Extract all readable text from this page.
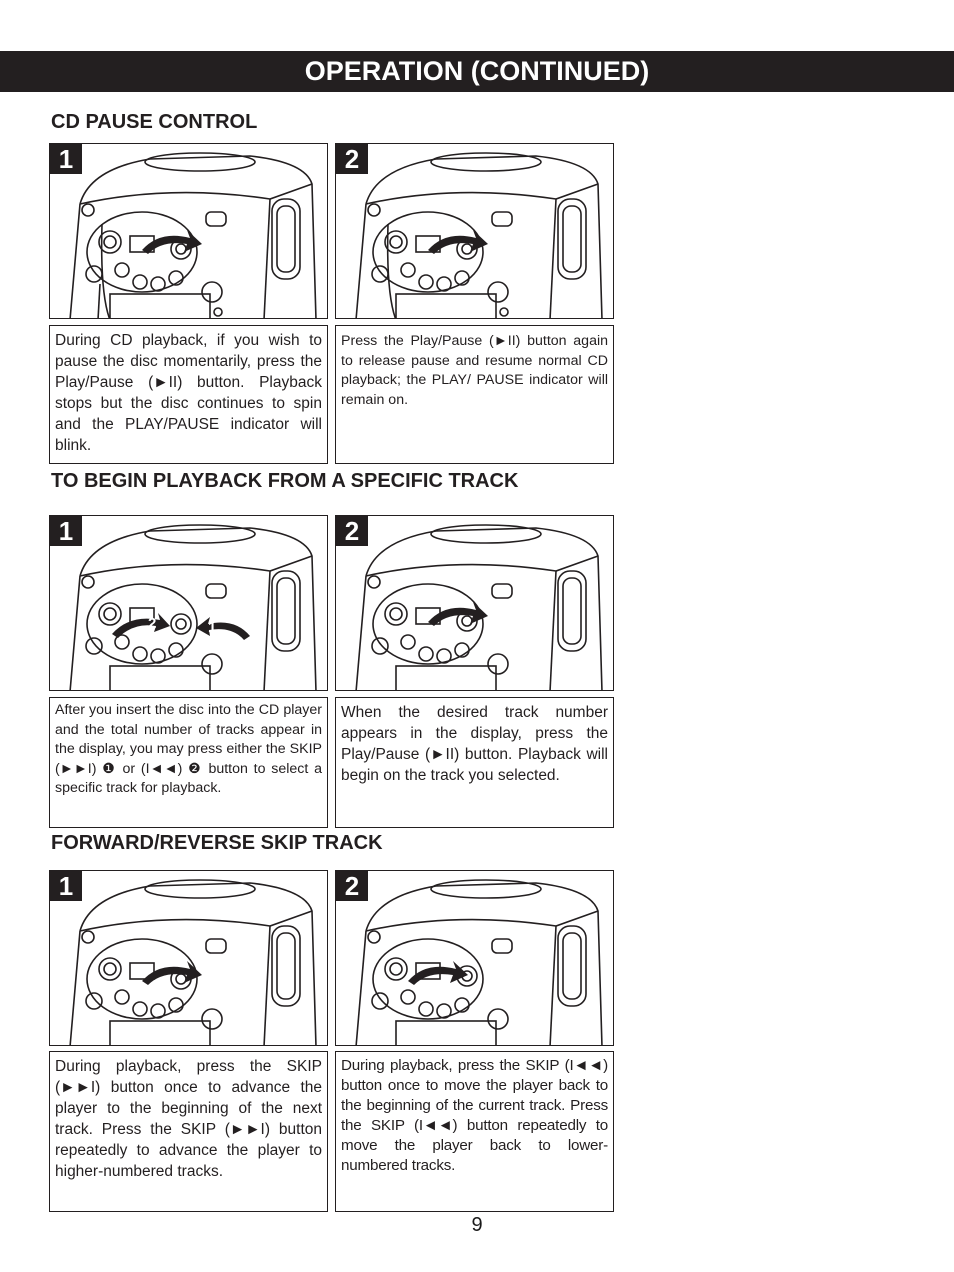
OPERATION (CONTINUED)
CD PAUSE CONTROL
1	2
During CD playback, if you wish to pause the disc momentarily, press the Play/Pause (►II) button. Playback stops but the disc continues to spin and the PLAY/PAUSE indicator will blink.
Press the Play/Pause (►II) button again to release pause and resume normal CD playback; the PLAY/ PAUSE indicator will remain on.
TO BEGIN PLAYBACK FROM A SPECIFIC TRACK
1
2	1
2
After you insert the disc into the CD player and the total number of tracks appear in the display, you may press either the SKIP (►►I) ❶ or (I◄◄) ❷ button to select a specific track for playback.
When the desired track number appears in the display, press the Play/Pause (►II) button. Playback will begin on the track you selected.
FORWARD/REVERSE SKIP TRACK
1	2
During playback, press the SKIP (►►I) button once to advance the player to the beginning of the next track. Press the SKIP (►►I) button repeatedly to advance the player to higher-numbered tracks.
During playback, press the SKIP (I◄◄) button once to move the player back to the beginning of the current track. Press the SKIP (I◄◄) button repeatedly to move the player back to lower-numbered tracks.
9
